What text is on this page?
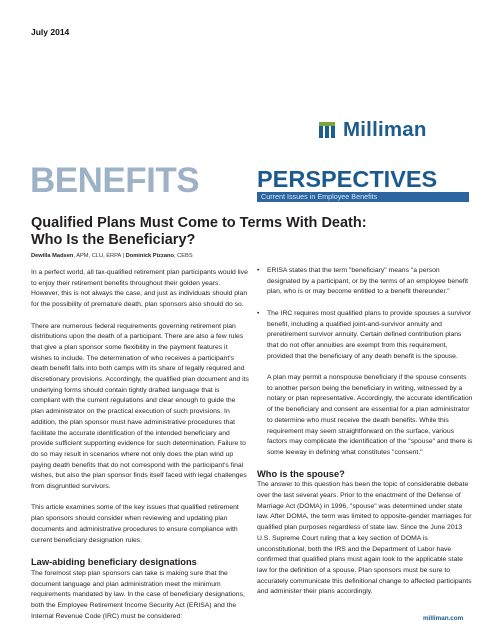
July 2014
Milliman
BENEFITS PERSPECTIVES
Current Issues in Employee Benefits
Qualified Plans Must Come to Terms With Death:
Who Is the Beneficiary?
Dewilla Madsen, APM, CLU, ERPA | Dominick Pizzano, CEBS

In a perfect world, all tax-qualified retirement plan participants would live to enjoy their retirement benefits throughout their golden years. However, this is not always the case, and just as individuals should plan for the possibility of premature death, plan sponsors also should do so.

There are numerous federal requirements governing retirement plan distributions upon the death of a participant. There are also a few rules that give a plan sponsor some flexibility in the payment features it wishes to include. The determination of who receives a participant's death benefit falls into both camps with its share of legally required and discretionary provisions. Accordingly, the qualified plan document and its underlying forms should contain tightly drafted language that is compliant with the current regulations and clear enough to guide the plan administrator on the practical execution of such provisions. In addition, the plan sponsor must have administrative procedures that facilitate the accurate identification of the intended beneficiary and provide sufficient supporting evidence for such determination. Failure to do so may result in scenarios where not only does the plan wind up paying death benefits that do not correspond with the participant's final wishes, but also the plan sponsor finds itself faced with legal challenges from disgruntled survivors.

This article examines some of the key issues that qualified retirement plan sponsors should consider when reviewing and updating plan documents and administrative procedures to ensure compliance with current beneficiary designation rules.

Law-abiding beneficiary designations

The foremost step plan sponsors can take is making sure that the document language and plan administration meet the minimum requirements mandated by law. In the case of beneficiary designations, both the Employee Retirement Income Security Act (ERISA) and the Internal Revenue Code (IRC) must be considered:

• ERISA states that the term "beneficiary" means "a person designated by a participant, or by the terms of an employee benefit plan, who is or may become entitled to a benefit thereunder."
• The IRC requires most qualified plans to provide spouses a survivor benefit, including a qualified joint-and-survivor annuity and preretirement survivor annuity. Certain defined contribution plans that do not offer annuities are exempt from this requirement, provided that the beneficiary of any death benefit is the spouse.

A plan may permit a nonspouse beneficiary if the spouse consents to another person being the beneficiary in writing, witnessed by a notary or plan representative. Accordingly, the accurate identification of the beneficiary and consent are essential for a plan administrator to determine who must receive the death benefits. While this requirement may seem straightforward on the surface, various factors may complicate the identification of the "spouse" and there is some leeway in defining what constitutes "consent."

Who is the spouse?

The answer to this question has been the topic of considerable debate over the last several years. Prior to the enactment of the Defense of Marriage Act (DOMA) in 1996, "spouse" was determined under state law. After DOMA, the term was limited to opposite-gender marriages for qualified plan purposes regardless of state law. Since the June 2013 U.S. Supreme Court ruling that a key section of DOMA is unconstitutional, both the IRS and the Department of Labor have confirmed that qualified plans must again look to the applicable state law for the definition of a spouse. Plan sponsors must be sure to accurately communicate this definitional change to affected participants and administer their plans accordingly.

milliman.com
